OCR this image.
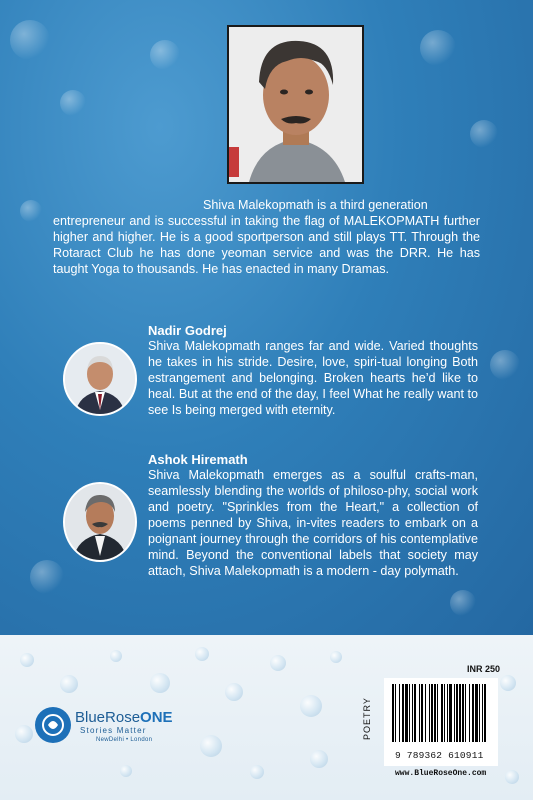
Shiva Malekopmath is a third generation

entrepreneur and is successful in taking the flag of MALEKOPMATH further higher and higher. He is a good sportperson and still plays TT. Through the Rotaract Club he has done yeoman service and was the DRR. He has taught Yoga to thousands. He has enacted in many Dramas.

Nadir Godrej
Shiva Malekopmath ranges far and wide. Varied thoughts he takes in his stride. Desire, love, spiri-tual longing Both estrangement and belonging. Broken hearts he’d like to heal. But at the end of the day, I feel What he really want to see Is being merged with eternity.
Ashok Hiremath
Shiva Malekopmath emerges as a soulful crafts-man, seamlessly blending the worlds of philoso-phy, social work and poetry. "Sprinkles from the Heart," a collection of poems penned by Shiva, in-vites readers to embark on a poignant journey through the corridors of his contemplative mind. Beyond the conventional labels that society may attach, Shiva Malekopmath is a modern - day polymath.
BlueRoseONE
Stories Matter
NewDelhi • London
INR 250
POETRY
9 789362 610911
www.BlueRoseOne.com
